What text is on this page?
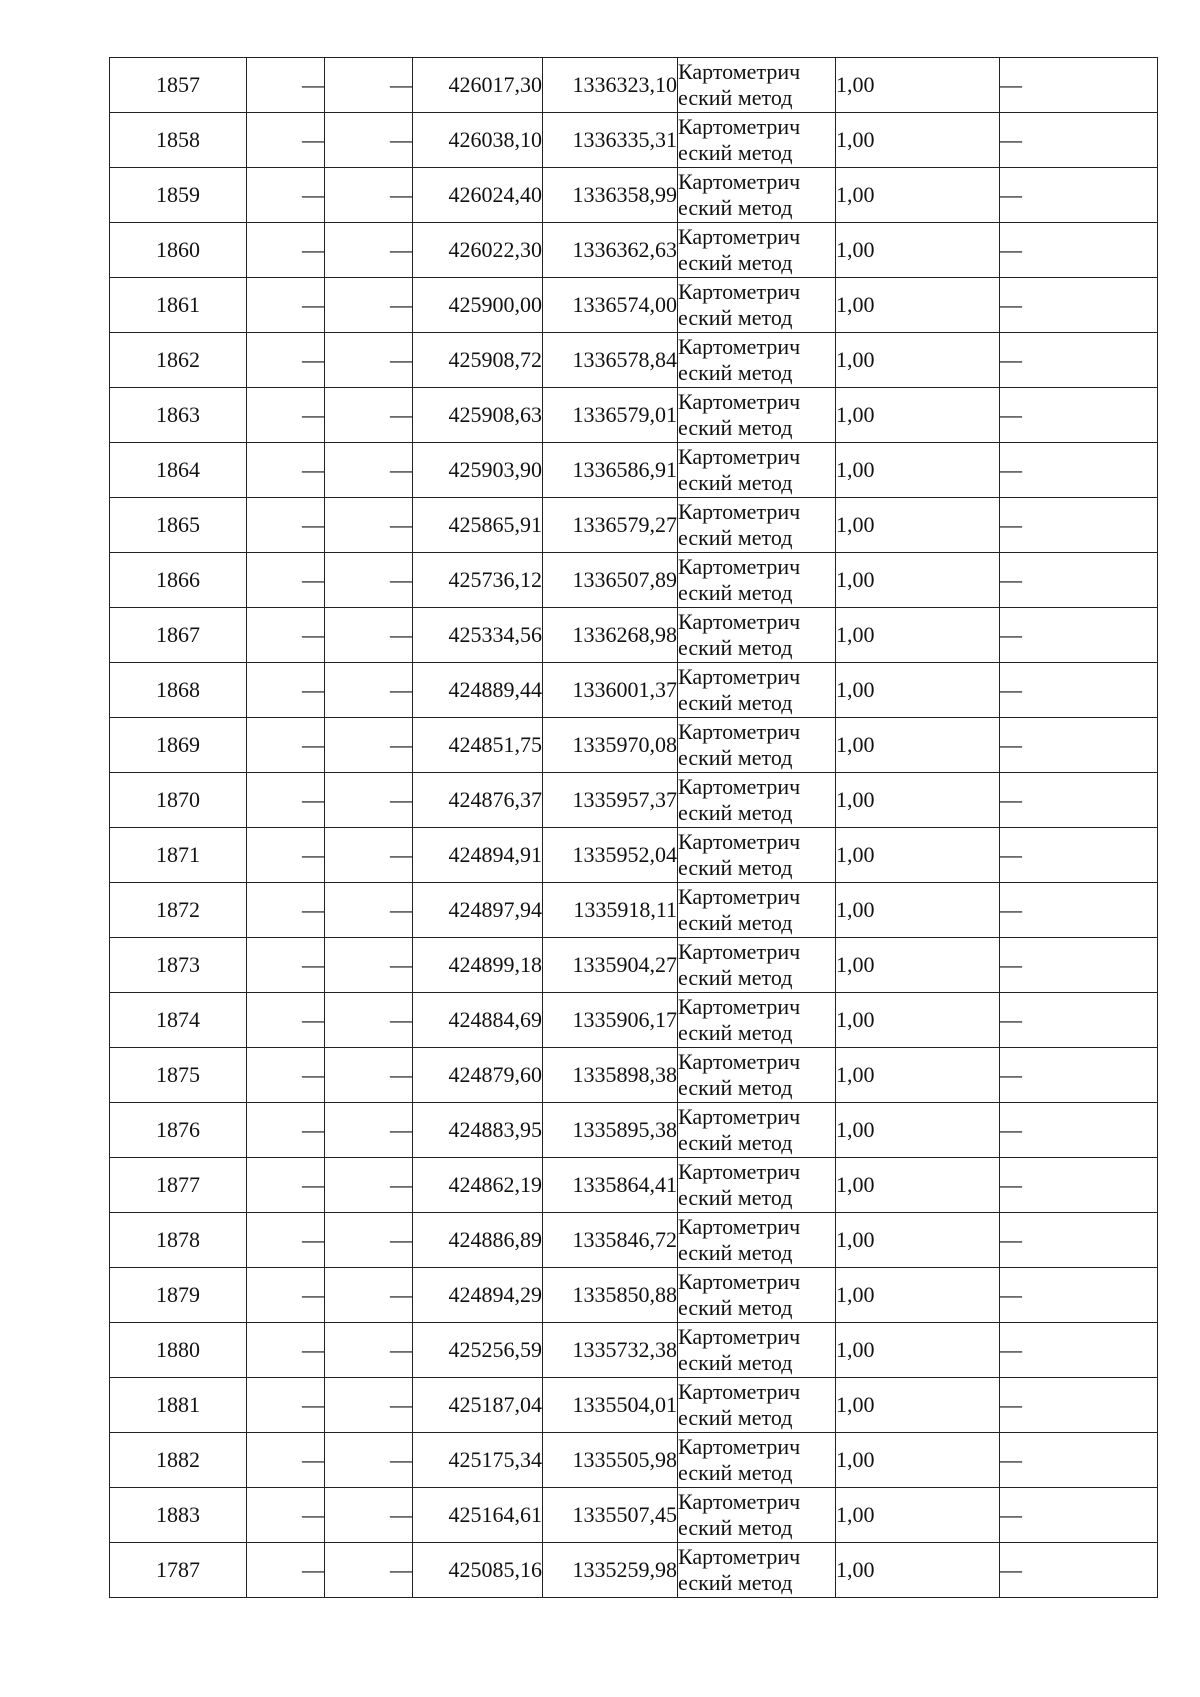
1857	—	—	426017,30	1336323,10	Картометрич
еский метод	1,00	—
1858	—	—	426038,10	1336335,31	Картометрич
еский метод	1,00	—
1859	—	—	426024,40	1336358,99	Картометрич
еский метод	1,00	—
1860	—	—	426022,30	1336362,63	Картометрич
еский метод	1,00	—
1861	—	—	425900,00	1336574,00	Картометрич
еский метод	1,00	—
1862	—	—	425908,72	1336578,84	Картометрич
еский метод	1,00	—
1863	—	—	425908,63	1336579,01	Картометрич
еский метод	1,00	—
1864	—	—	425903,90	1336586,91	Картометрич
еский метод	1,00	—
1865	—	—	425865,91	1336579,27	Картометрич
еский метод	1,00	—
1866	—	—	425736,12	1336507,89	Картометрич
еский метод	1,00	—
1867	—	—	425334,56	1336268,98	Картометрич
еский метод	1,00	—
1868	—	—	424889,44	1336001,37	Картометрич
еский метод	1,00	—
1869	—	—	424851,75	1335970,08	Картометрич
еский метод	1,00	—
1870	—	—	424876,37	1335957,37	Картометрич
еский метод	1,00	—
1871	—	—	424894,91	1335952,04	Картометрич
еский метод	1,00	—
1872	—	—	424897,94	1335918,11	Картометрич
еский метод	1,00	—
1873	—	—	424899,18	1335904,27	Картометрич
еский метод	1,00	—
1874	—	—	424884,69	1335906,17	Картометрич
еский метод	1,00	—
1875	—	—	424879,60	1335898,38	Картометрич
еский метод	1,00	—
1876	—	—	424883,95	1335895,38	Картометрич
еский метод	1,00	—
1877	—	—	424862,19	1335864,41	Картометрич
еский метод	1,00	—
1878	—	—	424886,89	1335846,72	Картометрич
еский метод	1,00	—
1879	—	—	424894,29	1335850,88	Картометрич
еский метод	1,00	—
1880	—	—	425256,59	1335732,38	Картометрич
еский метод	1,00	—
1881	—	—	425187,04	1335504,01	Картометрич
еский метод	1,00	—
1882	—	—	425175,34	1335505,98	Картометрич
еский метод	1,00	—
1883	—	—	425164,61	1335507,45	Картометрич
еский метод	1,00	—
1787	—	—	425085,16	1335259,98	Картометрич
еский метод	1,00	—
